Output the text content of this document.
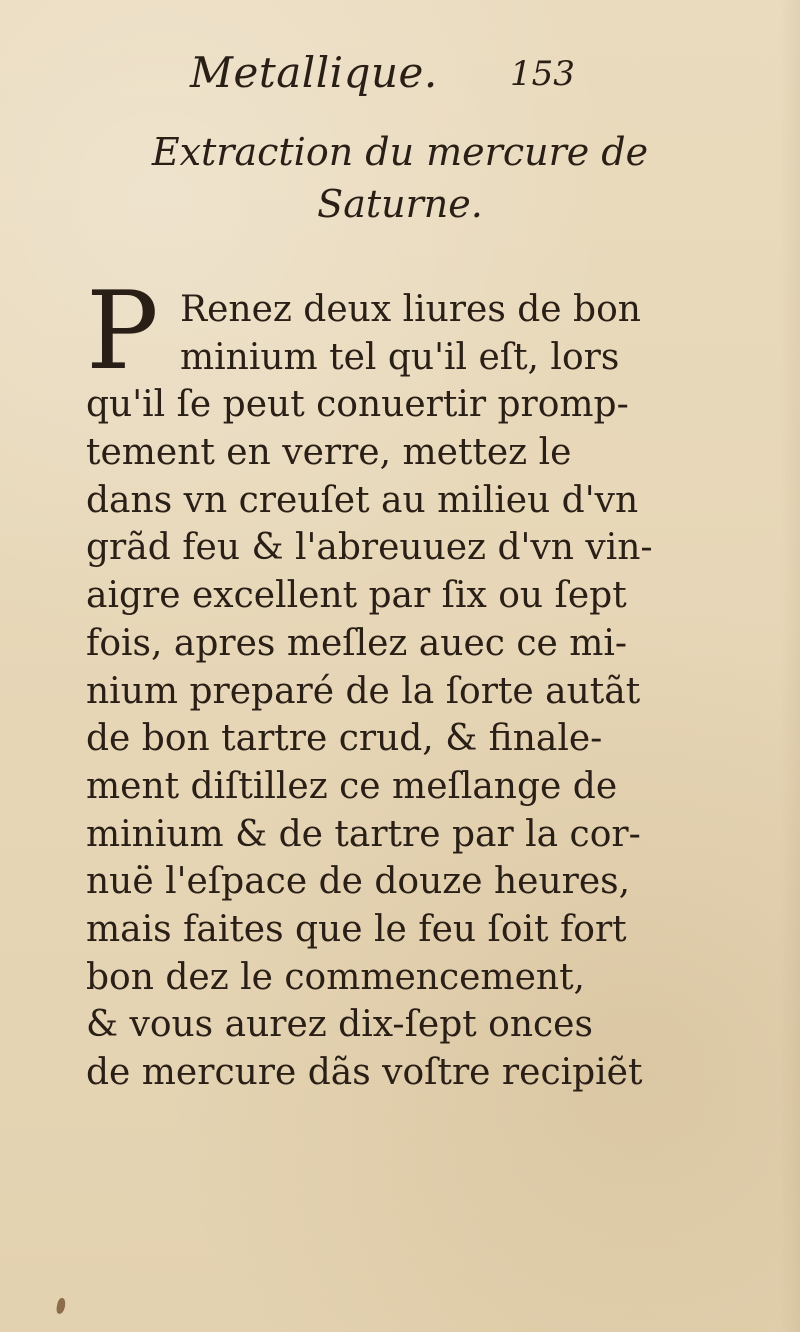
Metallique. 153
Extraction du mercure de
Saturne.
P Renez deux liures de bon
minium tel qu'il eſt, lors
qu'il ſe peut conuertir promp-
tement en verre, mettez le
dans vn creuſet au milieu d'vn
grãd feu & l'abreuuez d'vn vin-
aigre excellent par ſix ou ſept
fois, apres meſlez auec ce mi-
nium preparé de la ſorte autãt
de bon tartre crud, & finale-
ment diſtillez ce meſlange de
minium & de tartre par la cor-
nuë l'eſpace de douze heures,
mais faites que le feu ſoit fort
bon dez le commencement,
& vous aurez dix-ſept onces
de mercure dãs voſtre recipiẽt
